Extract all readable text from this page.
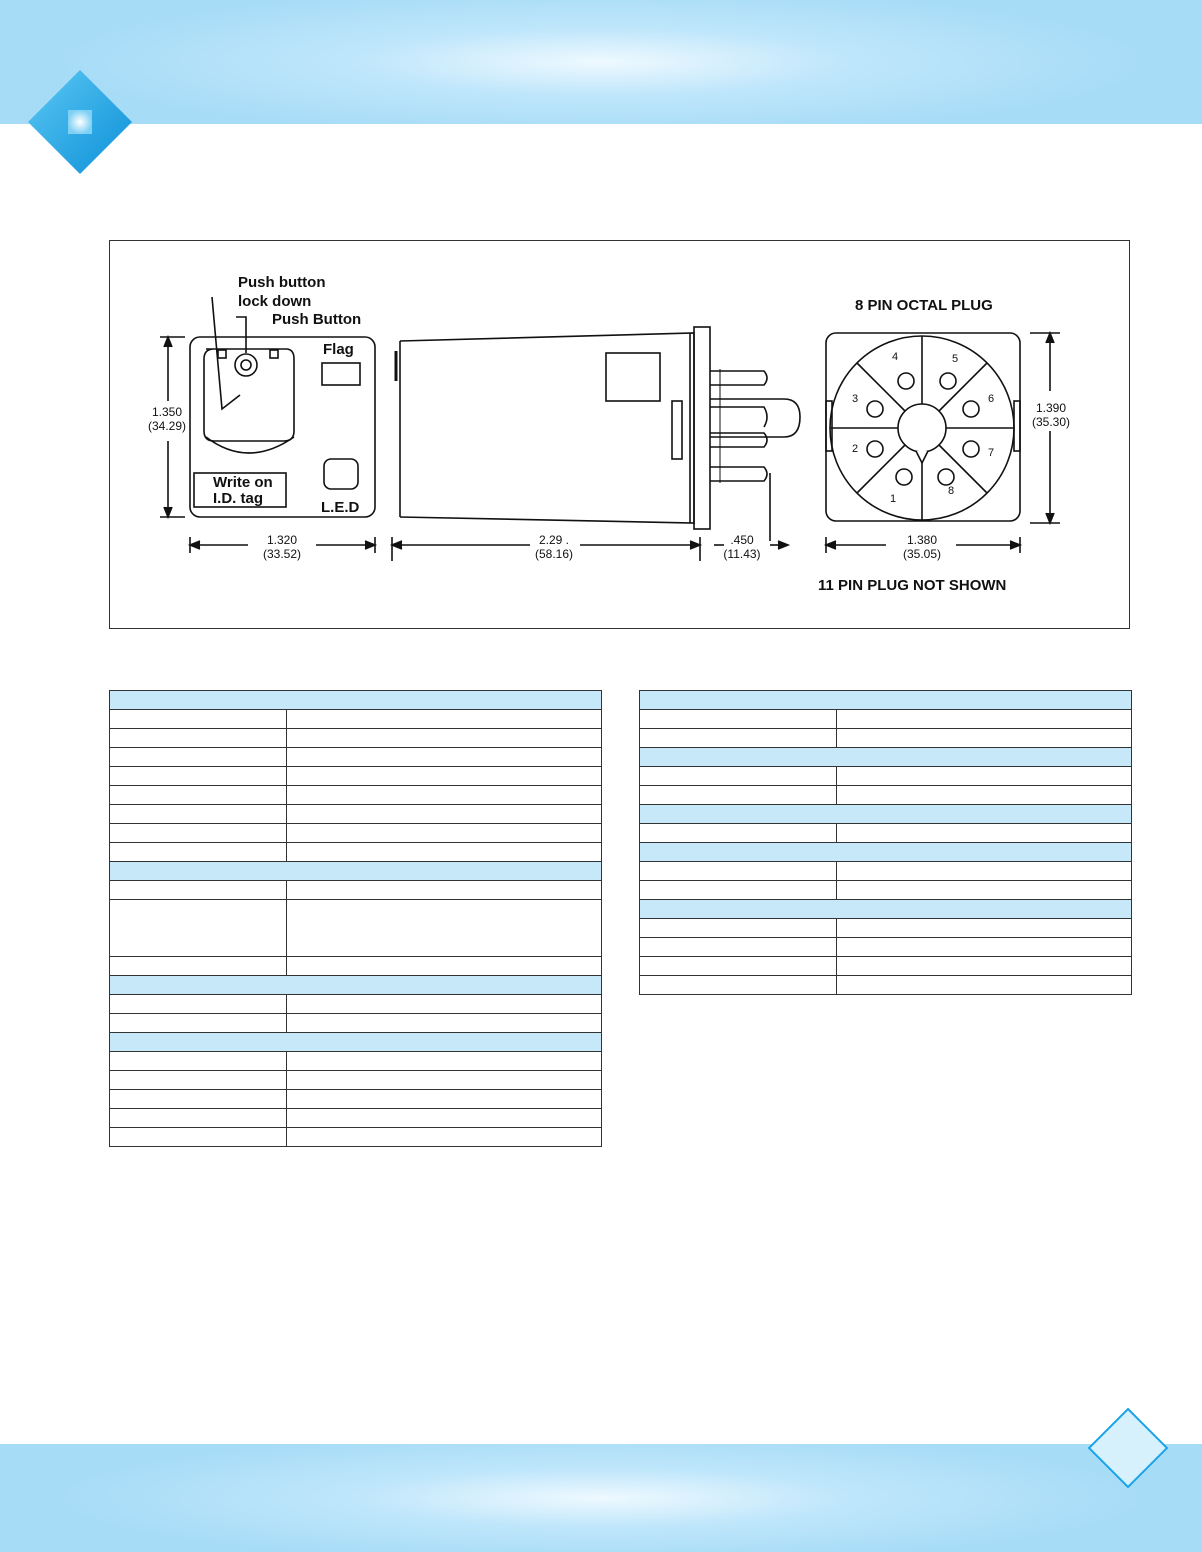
Push button
lock down
Push Button
Flag
Write on
I.D. tag
L.E.D
1.350
(34.29)
1.320
(33.52)
2.29 .
(58.16)
.450
(11.43)
8 PIN OCTAL PLUG
1.390
(35.30)
1.380
(35.05)
11 PIN PLUG NOT SHOWN
1
2
3
4	5
6
7
8
